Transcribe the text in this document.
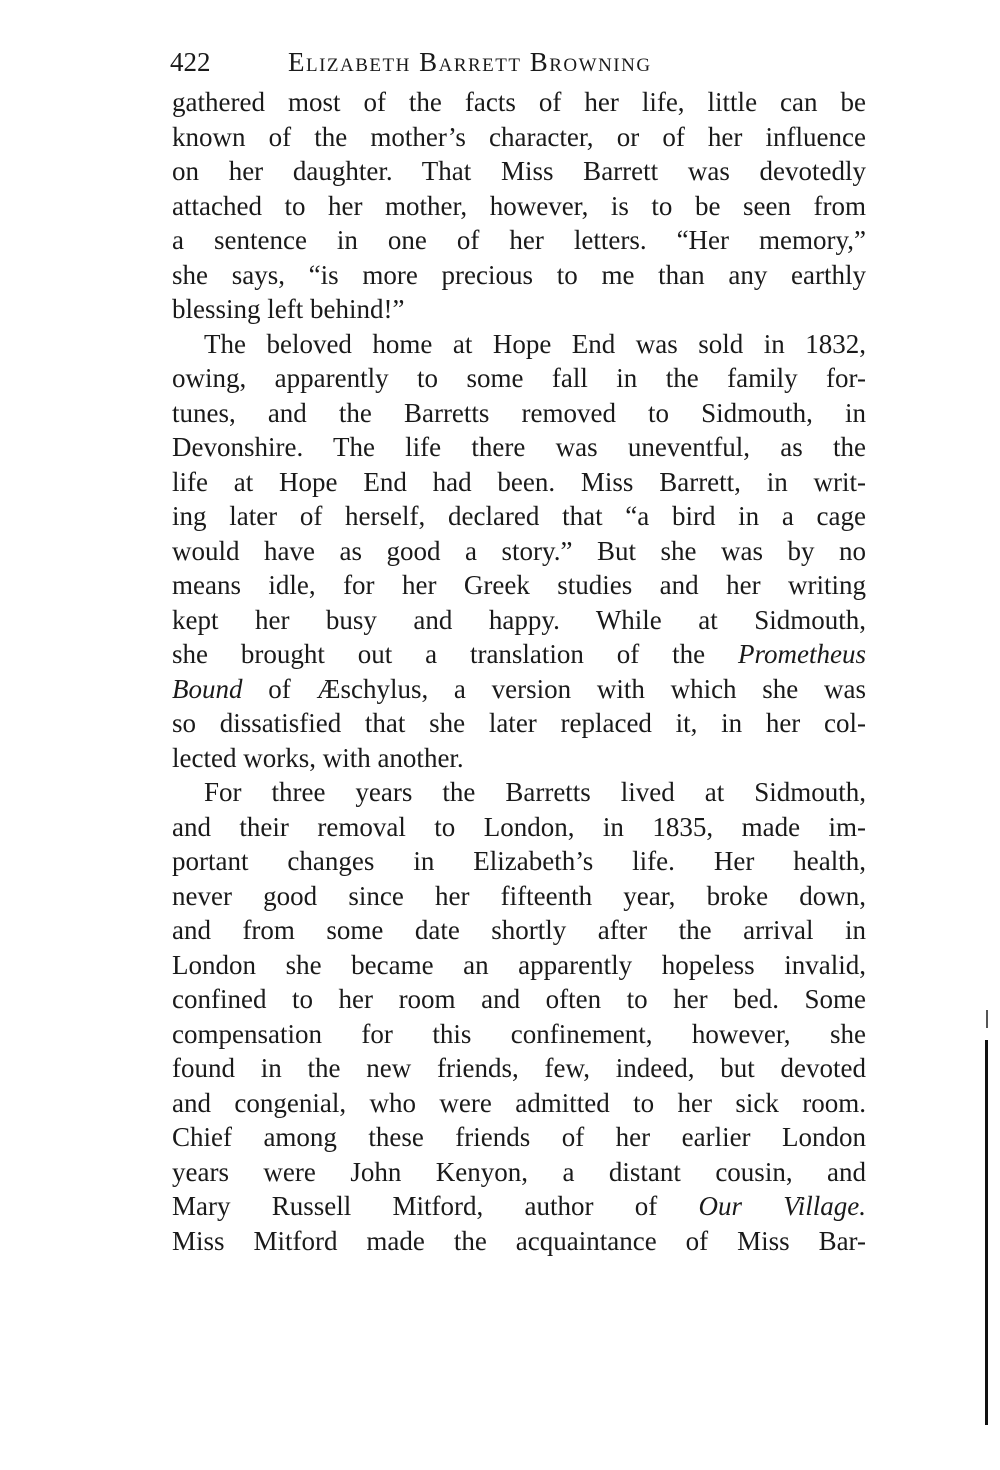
422	Elizabeth Barrett Browning
gathered most of the facts of her life, little can be
known of the mother’s character, or of her influence
on her daughter. That Miss Barrett was devotedly
attached to her mother, however, is to be seen from
a sentence in one of her letters. “Her memory,”
she says, “is more precious to me than any earthly
blessing left behind!”
The beloved home at Hope End was sold in 1832,
owing, apparently to some fall in the family for-
tunes, and the Barretts removed to Sidmouth, in
Devonshire. The life there was uneventful, as the
life at Hope End had been. Miss Barrett, in writ-
ing later of herself, declared that “a bird in a cage
would have as good a story.” But she was by no
means idle, for her Greek studies and her writing
kept her busy and happy. While at Sidmouth,
she brought out a translation of the Prometheus
Bound of Æschylus, a version with which she was
so dissatisfied that she later replaced it, in her col-
lected works, with another.
For three years the Barretts lived at Sidmouth,
and their removal to London, in 1835, made im-
portant changes in Elizabeth’s life. Her health,
never good since her fifteenth year, broke down,
and from some date shortly after the arrival in
London she became an apparently hopeless invalid,
confined to her room and often to her bed. Some
compensation for this confinement, however, she
found in the new friends, few, indeed, but devoted
and congenial, who were admitted to her sick room.
Chief among these friends of her earlier London
years were John Kenyon, a distant cousin, and
Mary Russell Mitford, author of Our Village.
Miss Mitford made the acquaintance of Miss Bar-
